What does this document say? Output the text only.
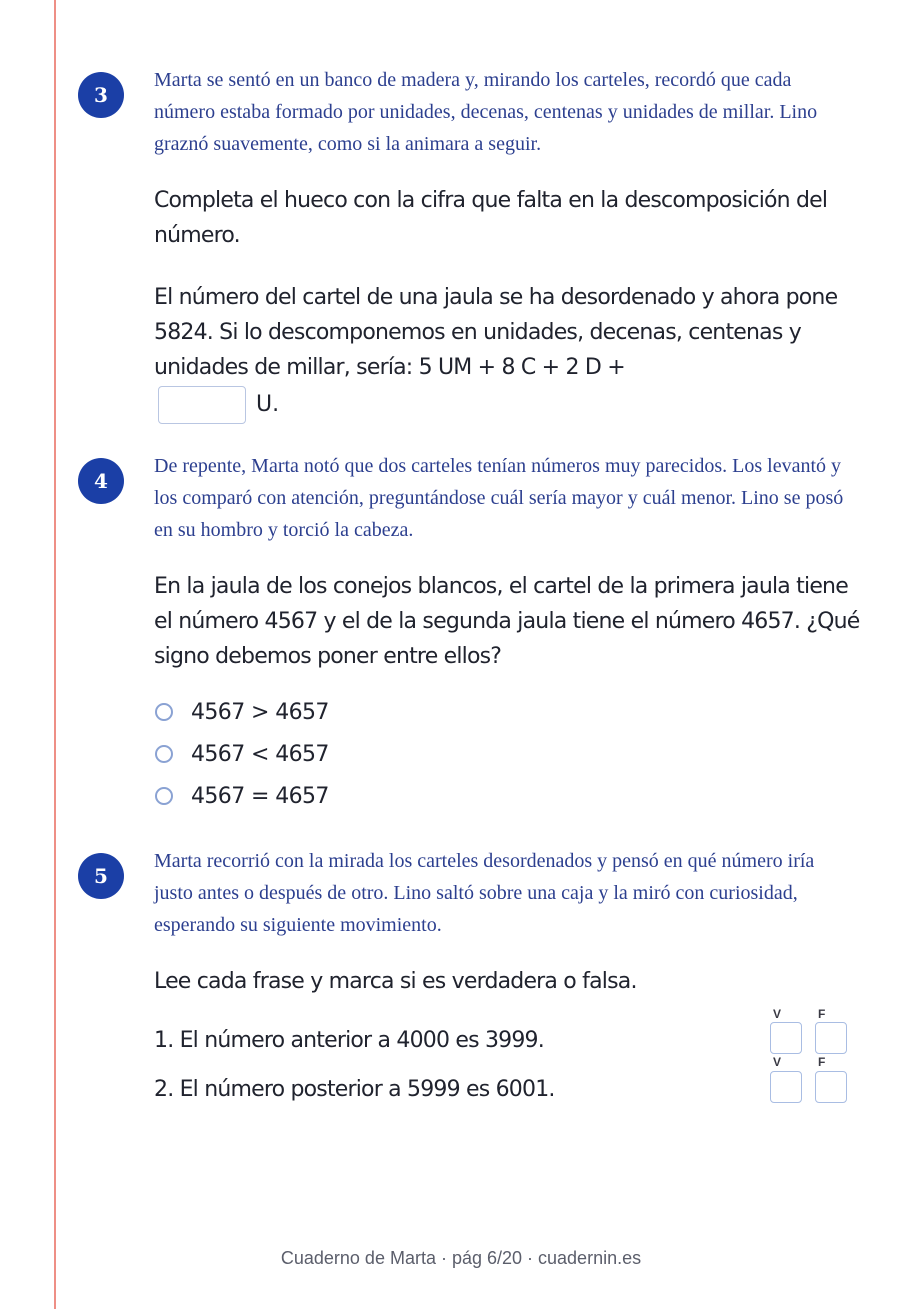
3
Marta se sentó en un banco de madera y, mirando los carteles, recordó que cada número estaba formado por unidades, decenas, centenas y unidades de millar. Lino graznó suavemente, como si la animara a seguir.
Completa el hueco con la cifra que falta en la descomposición del número.
El número del cartel de una jaula se ha desordenado y ahora pone 5824. Si lo descomponemos en unidades, decenas, centenas y unidades de millar, sería: 5 UM + 8 C + 2 D +
U.
4
De repente, Marta notó que dos carteles tenían números muy parecidos. Los levantó y los comparó con atención, preguntándose cuál sería mayor y cuál menor. Lino se posó en su hombro y torció la cabeza.
En la jaula de los conejos blancos, el cartel de la primera jaula tiene el número 4567 y el de la segunda jaula tiene el número 4657. ¿Qué signo debemos poner entre ellos?
4567 > 4657
4567 < 4657
4567 = 4657
5
Marta recorrió con la mirada los carteles desordenados y pensó en qué número iría justo antes o después de otro. Lino saltó sobre una caja y la miró con curiosidad, esperando su siguiente movimiento.
Lee cada frase y marca si es verdadera o falsa.
V	F
1. El número anterior a 4000 es 3999.
V	F
2. El número posterior a 5999 es 6001.
Cuaderno de Marta · pág 6/20 · cuadernin.es
